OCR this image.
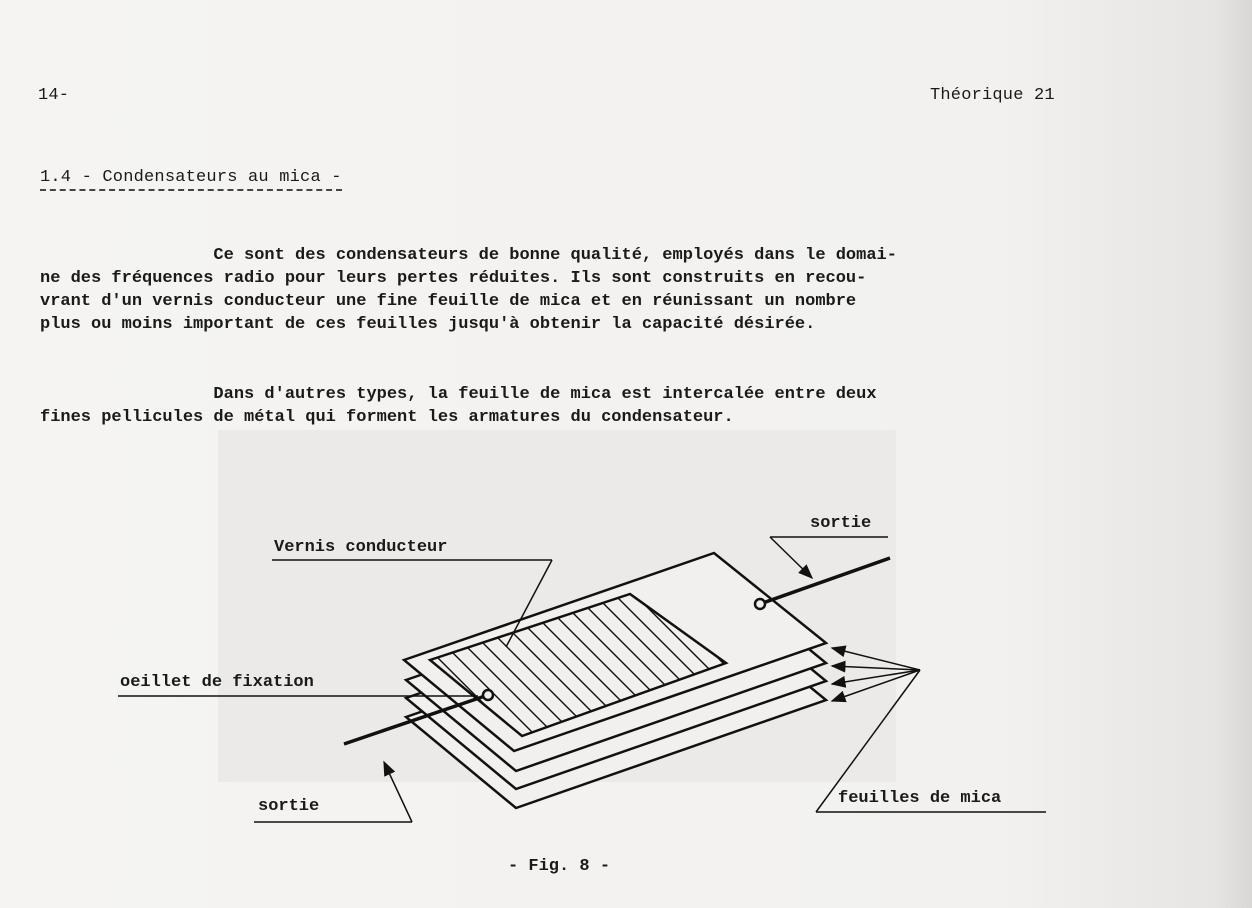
14-	Théorique 21
1.4 - Condensateurs au mica -
Ce sont des condensateurs de bonne qualité, employés dans le domai-
ne des fréquences radio pour leurs pertes réduites. Ils sont construits en recou-
vrant d'un vernis conducteur une fine feuille de mica et en réunissant un nombre
plus ou moins important de ces feuilles jusqu'à obtenir la capacité désirée.
Dans d'autres types, la feuille de mica est intercalée entre deux
fines pellicules de métal qui forment les armatures du condensateur.
Vernis conducteur
sortie
oeillet de fixation
sortie	feuilles de mica
- Fig. 8 -
